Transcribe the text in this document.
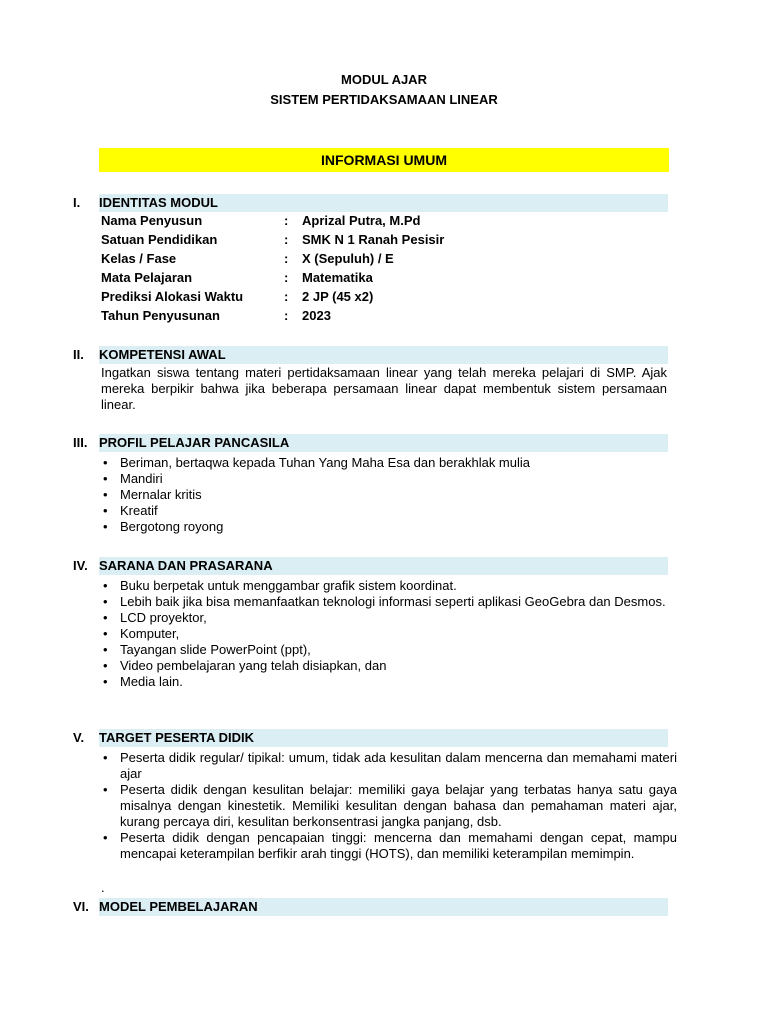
MODUL AJAR
SISTEM PERTIDAKSAMAAN LINEAR
INFORMASI UMUM
I. IDENTITAS MODUL
Nama Penyusun	: Aprizal Putra, M.Pd
Satuan Pendidikan	: SMK N 1 Ranah Pesisir
Kelas / Fase	: X (Sepuluh) / E
Mata Pelajaran	: Matematika
Prediksi Alokasi Waktu	: 2 JP (45 x2)
Tahun Penyusunan	: 2023
II. KOMPETENSI AWAL

Ingatkan siswa tentang materi pertidaksamaan linear yang telah mereka pelajari di SMP. Ajak mereka berpikir bahwa jika beberapa persamaan linear dapat membentuk sistem persamaan linear.

III. PROFIL PELAJAR PANCASILA
• Beriman, bertaqwa kepada Tuhan Yang Maha Esa dan berakhlak mulia
• Mandiri
• Mernalar kritis
• Kreatif
• Bergotong royong
IV. SARANA DAN PRASARANA
• Buku berpetak untuk menggambar grafik sistem koordinat.
• Lebih baik jika bisa memanfaatkan teknologi informasi seperti aplikasi GeoGebra dan Desmos.
• LCD proyektor,
• Komputer,
• Tayangan slide PowerPoint (ppt),
• Video pembelajaran yang telah disiapkan, dan
• Media lain.
V. TARGET PESERTA DIDIK
• Peserta didik regular/ tipikal: umum, tidak ada kesulitan dalam mencerna dan memahami materi ajar
• Peserta didik dengan kesulitan belajar: memiliki gaya belajar yang terbatas hanya satu gaya misalnya dengan kinestetik. Memiliki kesulitan dengan bahasa dan pemahaman materi ajar, kurang percaya diri, kesulitan berkonsentrasi jangka panjang, dsb.
• Peserta didik dengan pencapaian tinggi: mencerna dan memahami dengan cepat, mampu mencapai keterampilan berfikir arah tinggi (HOTS), dan memiliki keterampilan memimpin.
.
VI. MODEL PEMBELAJARAN
